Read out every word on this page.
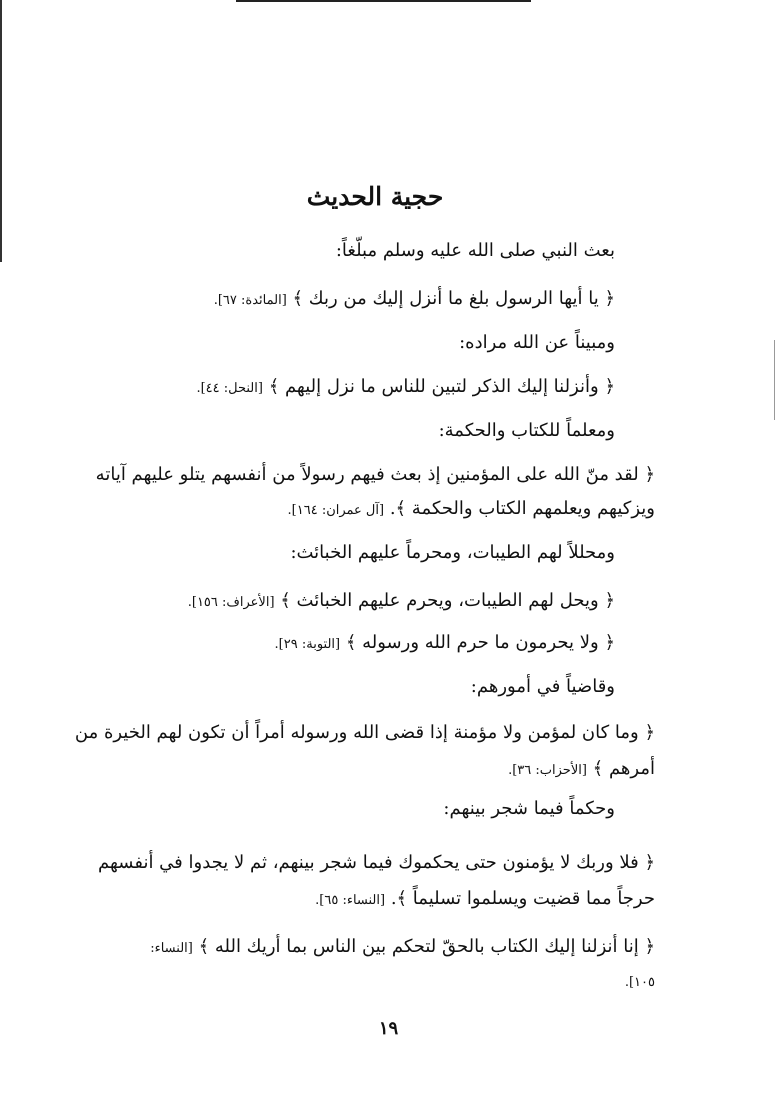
حجية الحديث
بعث النبي صلى الله عليه وسلم مبلّغاً:
﴿ يا أيها الرسول بلغ ما أنزل إليك من ربك ﴾ [المائدة: ٦٧].
ومبيناً عن الله مراده:
﴿ وأنزلنا إليك الذكر لتبين للناس ما نزل إليهم ﴾ [النحل: ٤٤].
ومعلماً للكتاب والحكمة:
﴿ لقد منّ الله على المؤمنين إذ بعث فيهم رسولاً من أنفسهم يتلو عليهم آياته
ويزكيهم ويعلمهم الكتاب والحكمة ﴾. [آل عمران: ١٦٤].
ومحللاً لهم الطيبات، ومحرماً عليهم الخبائث:
﴿ ويحل لهم الطيبات، ويحرم عليهم الخبائث ﴾ [الأعراف: ١٥٦].
﴿ ولا يحرمون ما حرم الله ورسوله ﴾ [التوبة: ٢٩].
وقاضياً في أمورهم:
﴿ وما كان لمؤمن ولا مؤمنة إذا قضى الله ورسوله أمراً أن تكون لهم الخيرة من
أمرهم ﴾ [الأحزاب: ٣٦].
وحكماً فيما شجر بينهم:
﴿ فلا وربك لا يؤمنون حتى يحكموك فيما شجر بينهم، ثم لا يجدوا في أنفسهم
حرجاً مما قضيت ويسلموا تسليماً ﴾. [النساء: ٦٥].
﴿ إنا أنزلنا إليك الكتاب بالحقّ لتحكم بين الناس بما أريك الله ﴾ [النساء:
١٠٥].
١٩
